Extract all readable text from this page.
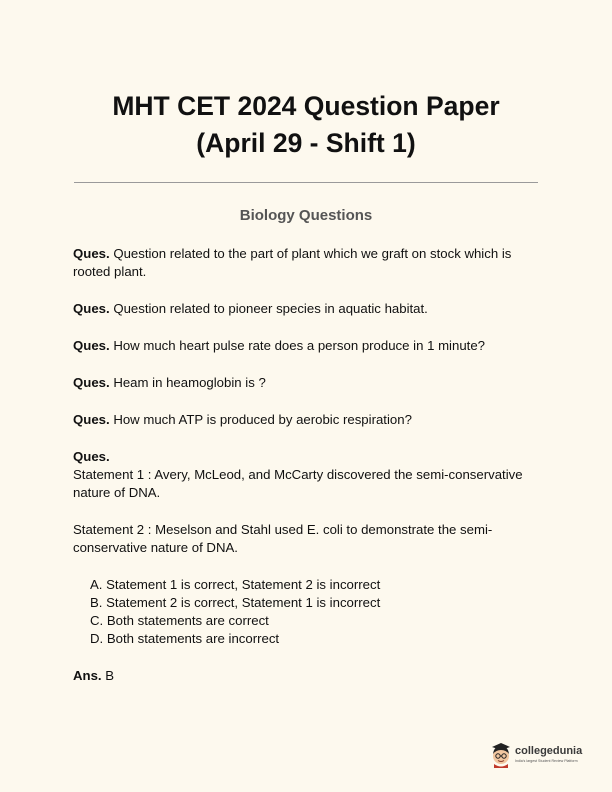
MHT CET 2024 Question Paper
(April 29 - Shift 1)
Biology Questions

Ques. Question related to the part of plant which we graft on stock which is rooted plant.

Ques. Question related to pioneer species in aquatic habitat.

Ques. How much heart pulse rate does a person produce in 1 minute?

Ques. Heam in heamoglobin is ?

Ques. How much ATP is produced by aerobic respiration?

Ques.

Statement 1 : Avery, McLeod, and McCarty discovered the semi-conservative nature of DNA.

Statement 2 : Meselson and Stahl used E. coli to demonstrate the semi-conservative nature of DNA.

A. Statement 1 is correct, Statement 2 is incorrect
B. Statement 2 is correct, Statement 1 is incorrect
C. Both statements are correct
D. Both statements are incorrect

Ans. B

collegedunia
India's largest Student Review Platform
